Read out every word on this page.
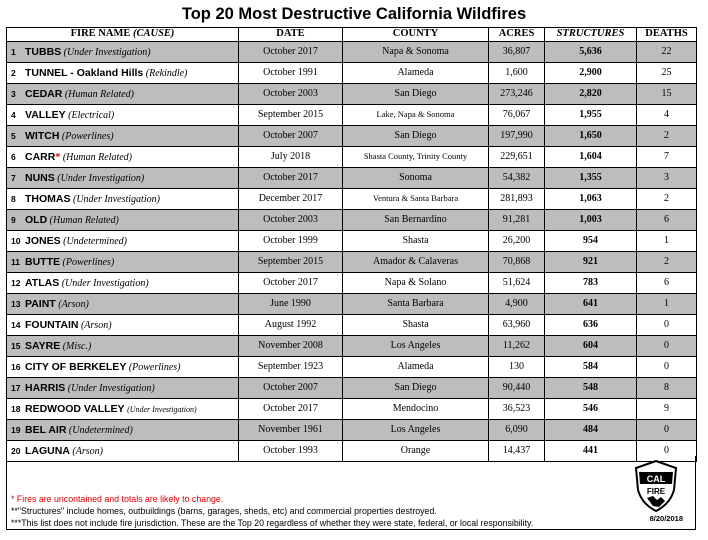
Top 20 Most Destructive California Wildfires
FIRE NAME (CAUSE)	DATE	COUNTY	ACRES	STRUCTURES	DEATHS
1 TUBBS (Under Investigation)	October 2017	Napa & Sonoma	36,807	5,636	22
2 TUNNEL - Oakland Hills (Rekindle)	October 1991	Alameda	1,600	2,900	25
3 CEDAR (Human Related)	October 2003	San Diego	273,246	2,820	15
4 VALLEY (Electrical)	September 2015	Lake, Napa & Sonoma	76,067	1,955	4
5 WITCH (Powerlines)	October 2007	San Diego	197,990	1,650	2
6 CARR* (Human Related)	July 2018	Shasta County, Trinity County	229,651	1,604	7
7 NUNS (Under Investigation)	October 2017	Sonoma	54,382	1,355	3
8 THOMAS (Under Investigation)	December 2017	Ventura & Santa Barbara	281,893	1,063	2
9 OLD (Human Related)	October 2003	San Bernardino	91,281	1,003	6
10 JONES (Undetermined)	October 1999	Shasta	26,200	954	1
11 BUTTE (Powerlines)	September 2015	Amador & Calaveras	70,868	921	2
12 ATLAS (Under Investigation)	October 2017	Napa & Solano	51,624	783	6
13 PAINT (Arson)	June 1990	Santa Barbara	4,900	641	1
14 FOUNTAIN (Arson)	August 1992	Shasta	63,960	636	0
15 SAYRE (Misc.)	November 2008	Los Angeles	11,262	604	0
16 CITY OF BERKELEY (Powerlines)	September 1923	Alameda	130	584	0
17 HARRIS (Under Investigation)	October 2007	San Diego	90,440	548	8
18 REDWOOD VALLEY (Under Investigation)	October 2017	Mendocino	36,523	546	9
19 BEL AIR (Undetermined)	November 1961	Los Angeles	6,090	484	0
20 LAGUNA (Arson)	October 1993	Orange	14,437	441	0
* Fires are uncontained and totals are likely to change.
**"Structures" include homes, outbuildings (barns, garages, sheds, etc) and commercial properties destroyed.
***This list does not include fire jurisdiction. These are the Top 20 regardless of whether they were state, federal, or local responsibility.
CAL
FIRE
8/20/2018
